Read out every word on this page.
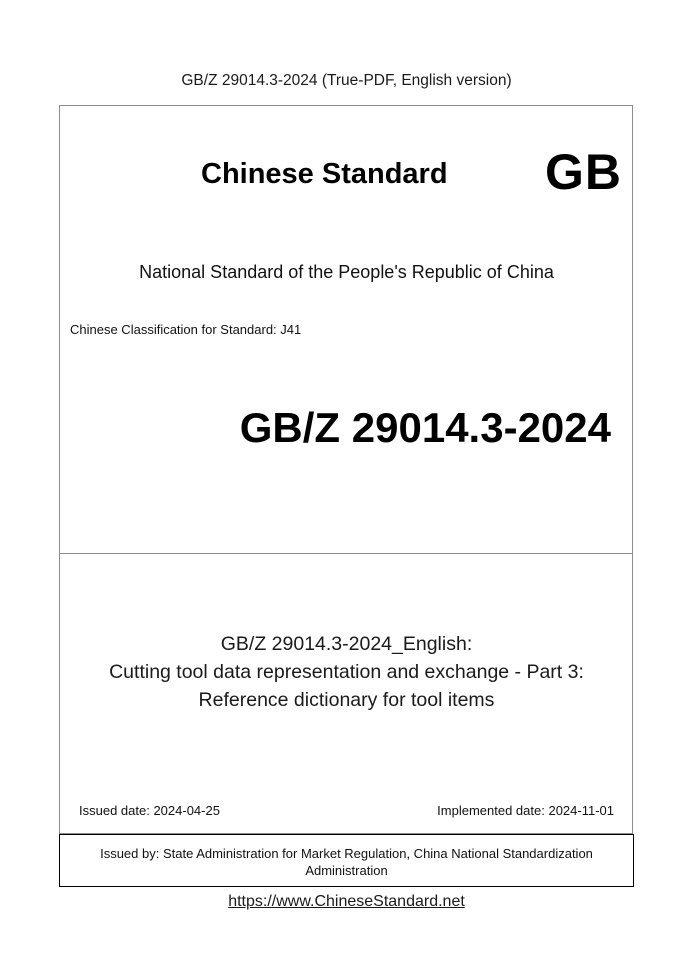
GB/Z 29014.3-2024 (True-PDF, English version)
Chinese Standard GB
National Standard of the People's Republic of China
Chinese Classification for Standard: J41
GB/Z 29014.3-2024
GB/Z 29014.3-2024_English:
Cutting tool data representation and exchange - Part 3:
Reference dictionary for tool items
Issued date: 2024-04-25	Implemented date: 2024-11-01
Issued by: State Administration for Market Regulation, China National Standardization
Administration
https://www.ChineseStandard.net
